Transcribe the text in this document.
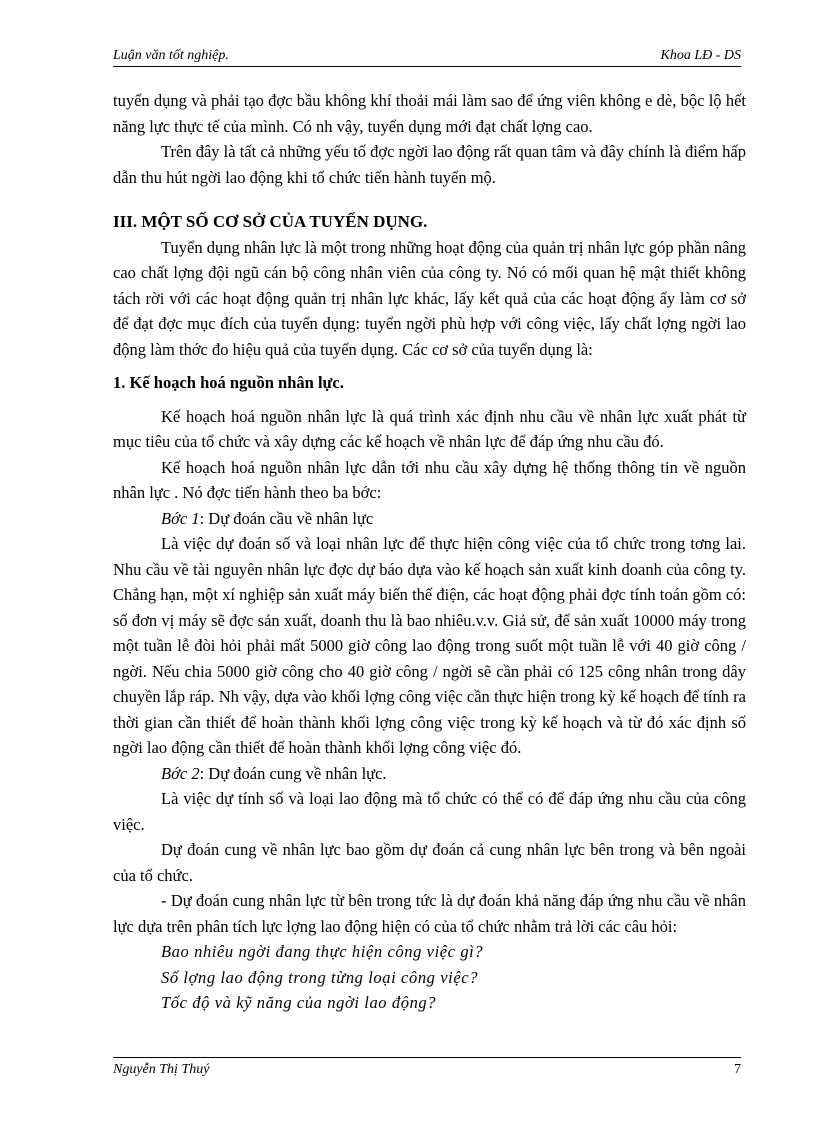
Luận văn tốt nghiệp.	Khoa LĐ - DS

tuyển dụng và phải tạo đợc bầu không khí thoải mái làm sao để ứng viên không e dè, bộc lộ hết năng lực thực tế của mình. Có nh vậy, tuyển dụng mới đạt chất lợng cao.

Trên đây là tất cả những yếu tố đợc ngời lao động rất quan tâm và đây chính là điểm hấp dẫn thu hút ngời lao động khi tổ chức tiến hành tuyển mộ.

III. MỘT SỐ CƠ SỞ CỦA TUYỂN DỤNG.

Tuyển dụng nhân lực là một trong những hoạt động của quản trị nhân lực góp phần nâng cao chất lợng đội ngũ cán bộ công nhân viên của công ty. Nó có mối quan hệ mật thiết không tách rời với các hoạt động quản trị nhân lực khác, lấy kết quả của các hoạt động ấy làm cơ sở để đạt đợc mục đích của tuyển dụng: tuyển ngời phù hợp với công việc, lấy chất lợng ngời lao động làm thớc đo hiệu quả của tuyển dụng. Các cơ sở của tuyển dụng là:

1. Kế hoạch hoá nguồn nhân lực.

Kế hoạch hoá nguồn nhân lực là quá trình xác định nhu cầu về nhân lực xuất phát từ mục tiêu của tổ chức và xây dựng các kế hoạch về nhân lực để đáp ứng nhu cầu đó.

Kế hoạch hoá nguồn nhân lực dẫn tới nhu cầu xây dựng hệ thống thông tin về nguồn nhân lực . Nó đợc tiến hành theo ba bớc:

Bớc 1: Dự đoán cầu về nhân lực

Là việc dự đoán số và loại nhân lực để thực hiện công việc của tổ chức trong tơng lai. Nhu cầu về tài nguyên nhân lực đợc dự báo dựa vào kế hoạch sản xuất kinh doanh của công ty. Chẳng hạn, một xí nghiệp sản xuất máy biến thế điện, các hoạt động phải đợc tính toán gồm có: số đơn vị máy sẽ đợc sản xuất, doanh thu là bao nhiêu.v.v. Giả sử, để sản xuất 10000 máy trong một tuần lễ đòi hỏi phải mất 5000 giờ công lao động trong suốt một tuần lễ với 40 giờ công / ngời. Nếu chia 5000 giờ công cho 40 giờ công / ngời sẽ cần phải có 125 công nhân trong dây chuyền lắp ráp. Nh vậy, dựa vào khối lợng công việc cần thực hiện trong kỳ kế hoạch để tính ra thời gian cần thiết để hoàn thành khối lợng công việc trong kỳ kế hoạch và từ đó xác định số ngời lao động cần thiết để hoàn thành khối lợng công việc đó.

Bớc 2: Dự đoán cung về nhân lực.

Là việc dự tính số và loại lao động mà tổ chức có thể có để đáp ứng nhu cầu của công việc.

Dự đoán cung về nhân lực bao gồm dự đoán cả cung nhân lực bên trong và bên ngoài của tổ chức.

- Dự đoán cung nhân lực từ bên trong tức là dự đoán khả năng đáp ứng nhu cầu về nhân lực dựa trên phân tích lực lợng lao động hiện có của tổ chức nhằm trả lời các câu hỏi:

Bao nhiêu ngời đang thực hiện công việc gì?

Số lợng lao động trong từng loại công việc?

Tốc độ và kỹ năng của ngời lao động?

Nguyễn Thị Thuý	7
